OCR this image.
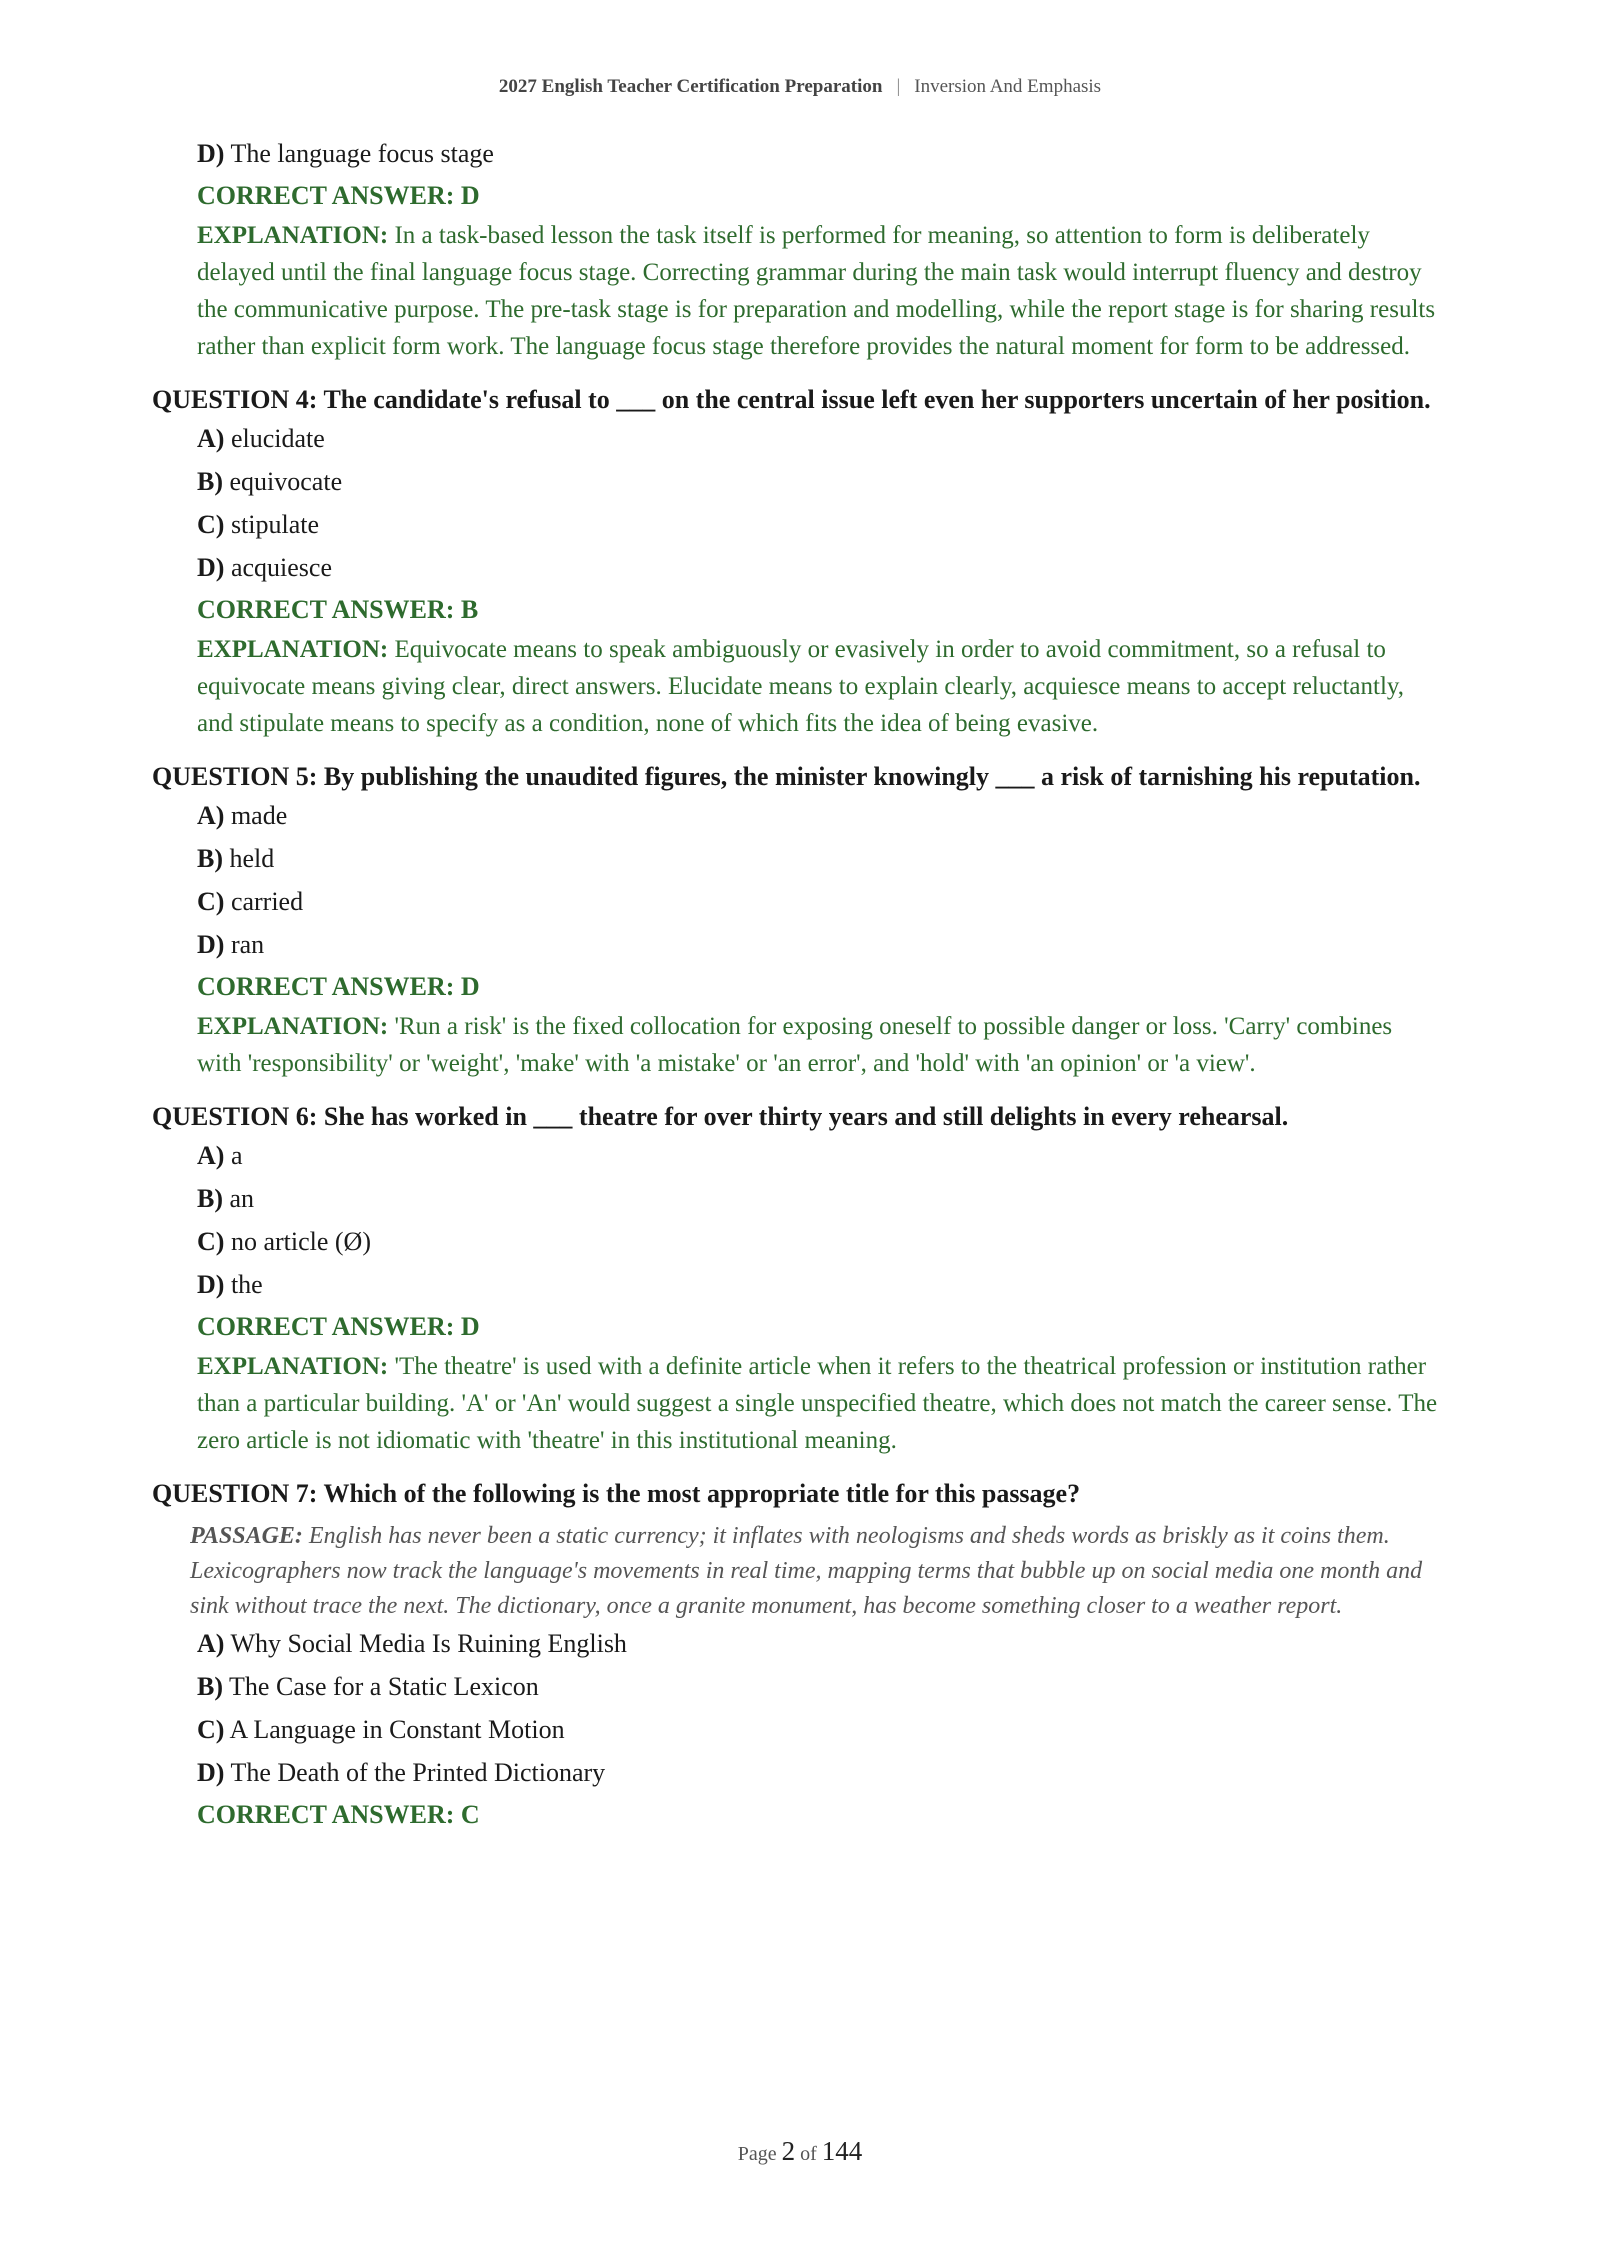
2027 English Teacher Certification Preparation | Inversion And Emphasis
D) The language focus stage
CORRECT ANSWER: D
EXPLANATION: In a task-based lesson the task itself is performed for meaning, so attention to form is deliberately delayed until the final language focus stage. Correcting grammar during the main task would interrupt fluency and destroy the communicative purpose. The pre-task stage is for preparation and modelling, while the report stage is for sharing results rather than explicit form work. The language focus stage therefore provides the natural moment for form to be addressed.
QUESTION 4: The candidate's refusal to ___ on the central issue left even her supporters uncertain of her position.
A) elucidate
B) equivocate
C) stipulate
D) acquiesce
CORRECT ANSWER: B
EXPLANATION: Equivocate means to speak ambiguously or evasively in order to avoid commitment, so a refusal to equivocate means giving clear, direct answers. Elucidate means to explain clearly, acquiesce means to accept reluctantly, and stipulate means to specify as a condition, none of which fits the idea of being evasive.
QUESTION 5: By publishing the unaudited figures, the minister knowingly ___ a risk of tarnishing his reputation.
A) made
B) held
C) carried
D) ran
CORRECT ANSWER: D
EXPLANATION: 'Run a risk' is the fixed collocation for exposing oneself to possible danger or loss. 'Carry' combines with 'responsibility' or 'weight', 'make' with 'a mistake' or 'an error', and 'hold' with 'an opinion' or 'a view'.
QUESTION 6: She has worked in ___ theatre for over thirty years and still delights in every rehearsal.
A) a
B) an
C) no article (Ø)
D) the
CORRECT ANSWER: D
EXPLANATION: 'The theatre' is used with a definite article when it refers to the theatrical profession or institution rather than a particular building. 'A' or 'An' would suggest a single unspecified theatre, which does not match the career sense. The zero article is not idiomatic with 'theatre' in this institutional meaning.
QUESTION 7: Which of the following is the most appropriate title for this passage?
PASSAGE: English has never been a static currency; it inflates with neologisms and sheds words as briskly as it coins them. Lexicographers now track the language's movements in real time, mapping terms that bubble up on social media one month and sink without trace the next. The dictionary, once a granite monument, has become something closer to a weather report.
A) Why Social Media Is Ruining English
B) The Case for a Static Lexicon
C) A Language in Constant Motion
D) The Death of the Printed Dictionary
CORRECT ANSWER: C
Page 2 of 144
